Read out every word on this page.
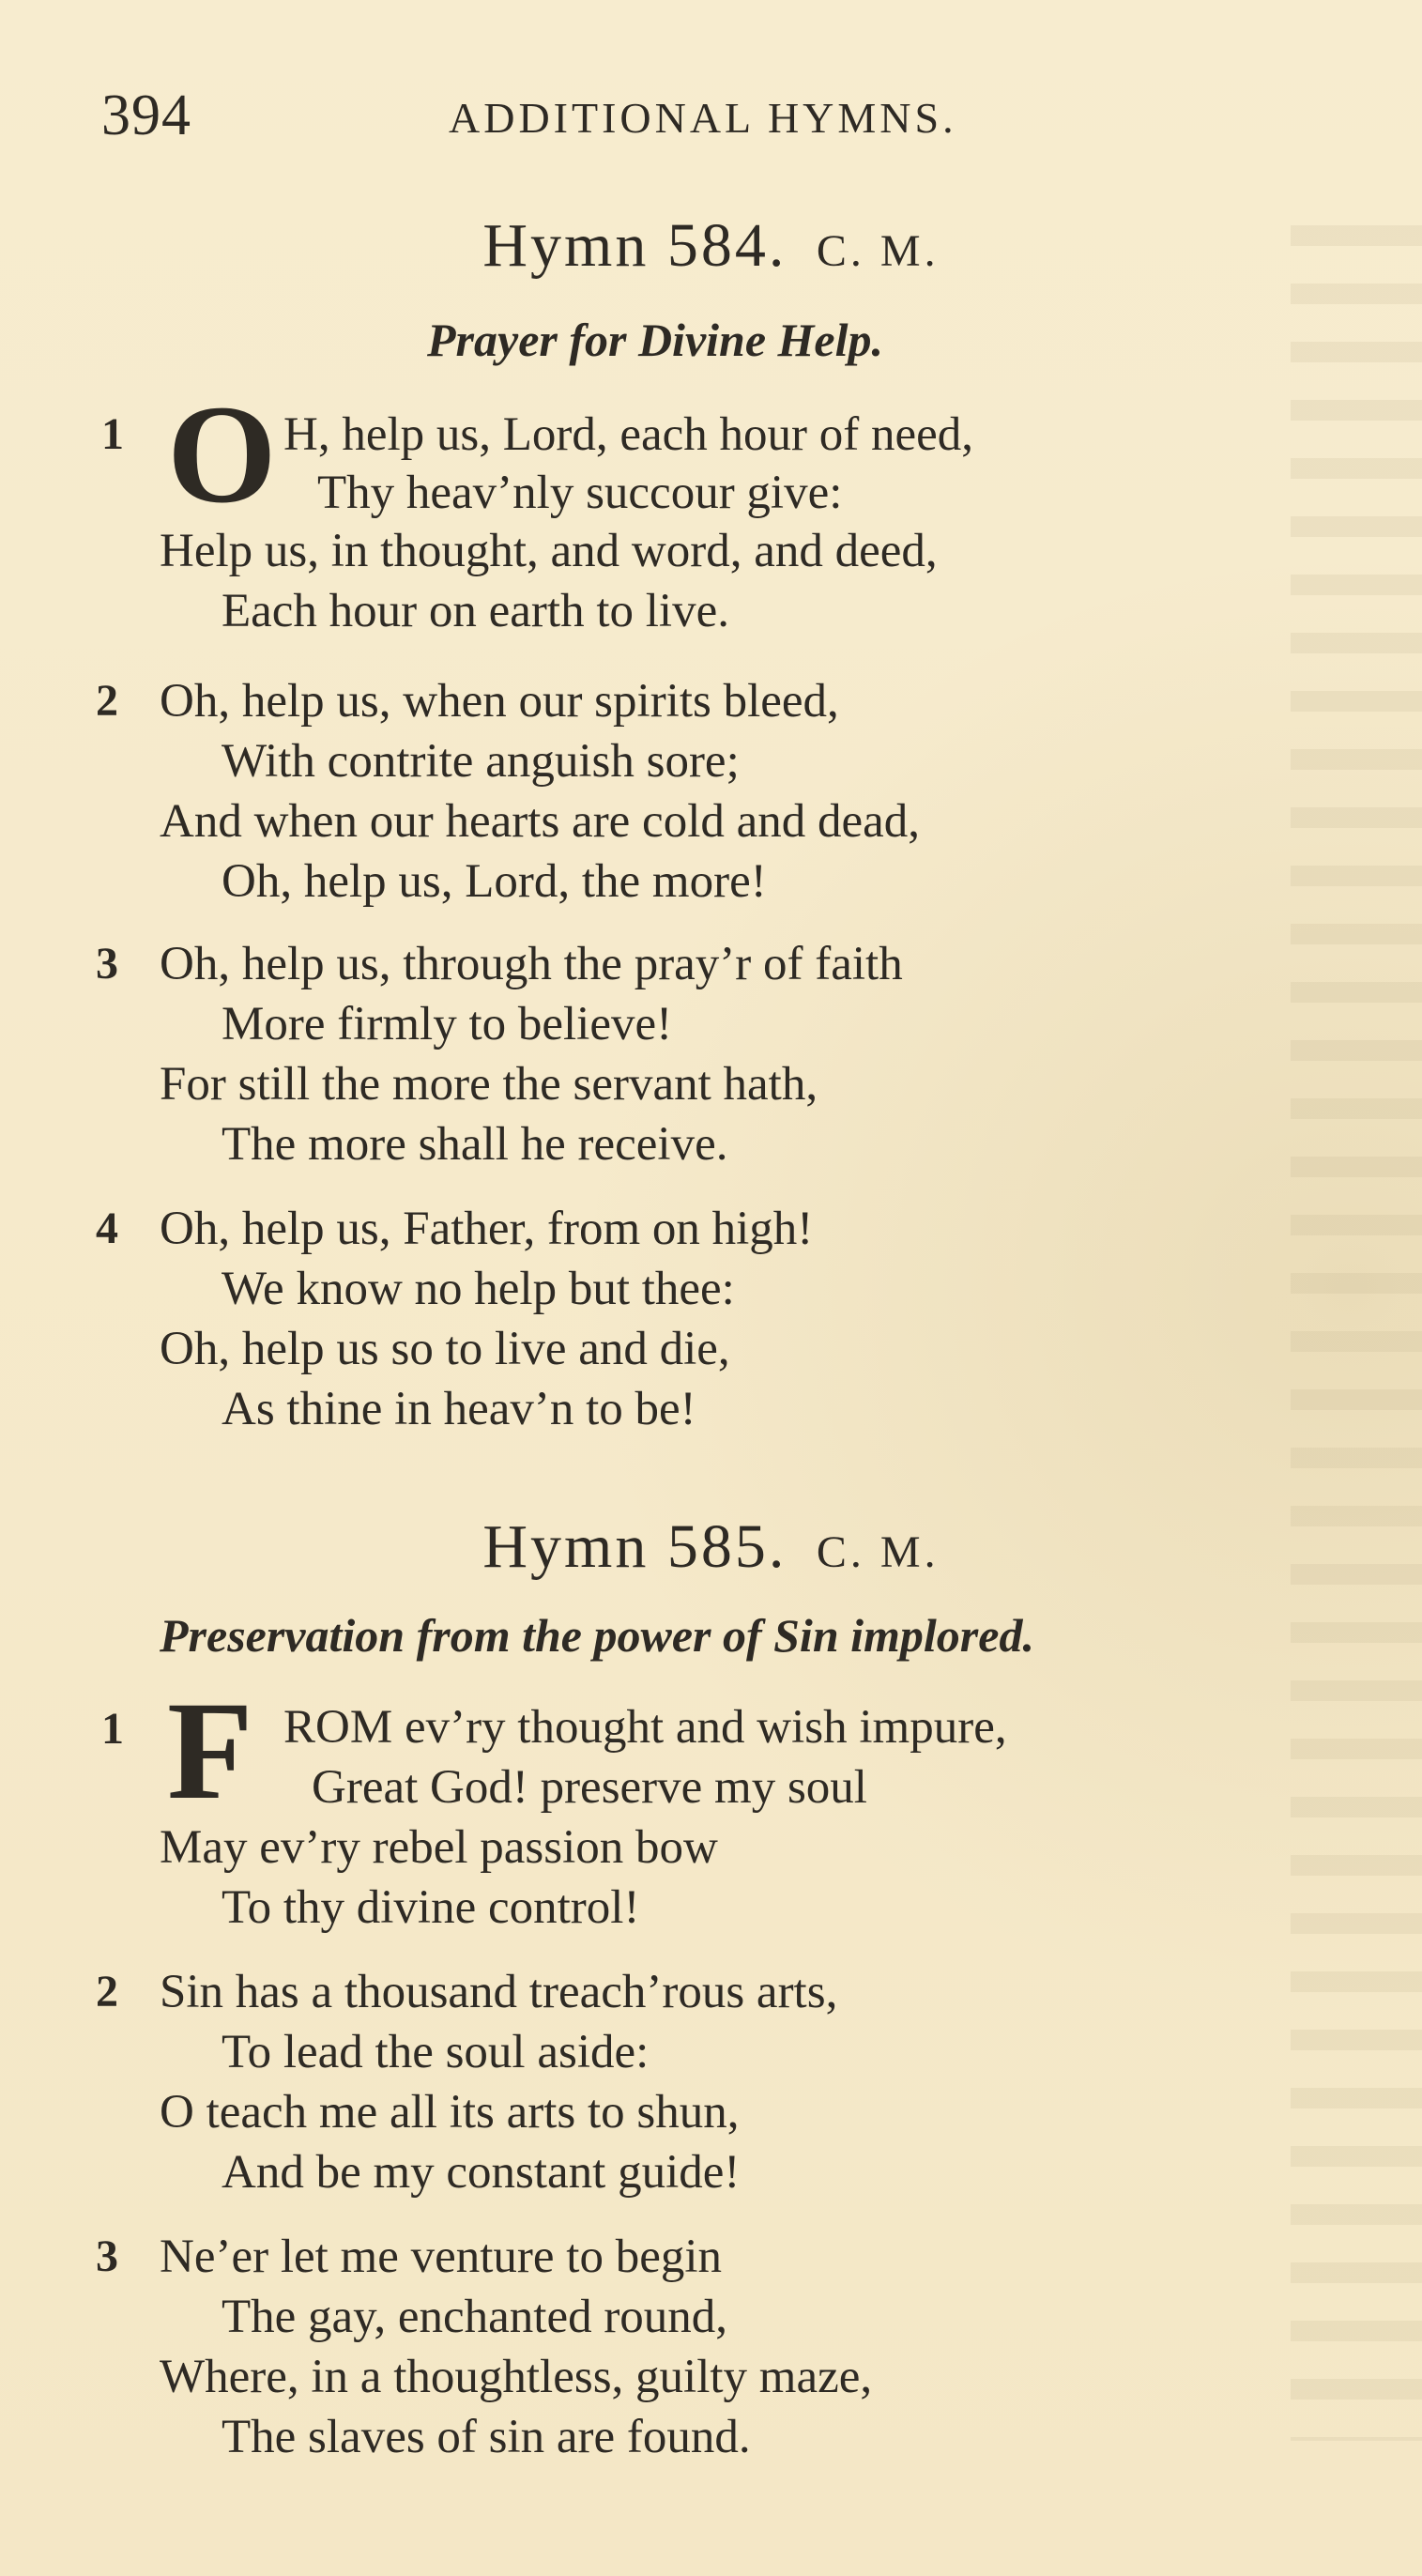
394	ADDITIONAL HYMNS.
Hymn 584. C. M.
Prayer for Divine Help.
1 O H, help us, Lord, each hour of need,
Thy heav’nly succour give:
Help us, in thought, and word, and deed,
Each hour on earth to live.
2 Oh, help us, when our spirits bleed,
With contrite anguish sore;
And when our hearts are cold and dead,
Oh, help us, Lord, the more!
3 Oh, help us, through the pray’r of faith
More firmly to believe!
For still the more the servant hath,
The more shall he receive.
4 Oh, help us, Father, from on high!
We know no help but thee:
Oh, help us so to live and die,
As thine in heav’n to be!
Hymn 585. C. M.
Preservation from the power of Sin implored.
1 F ROM ev’ry thought and wish impure,
Great God! preserve my soul
May ev’ry rebel passion bow
To thy divine control!
2 Sin has a thousand treach’rous arts,
To lead the soul aside:
O teach me all its arts to shun,
And be my constant guide!
3 Ne’er let me venture to begin
The gay, enchanted round,
Where, in a thoughtless, guilty maze,
The slaves of sin are found.
